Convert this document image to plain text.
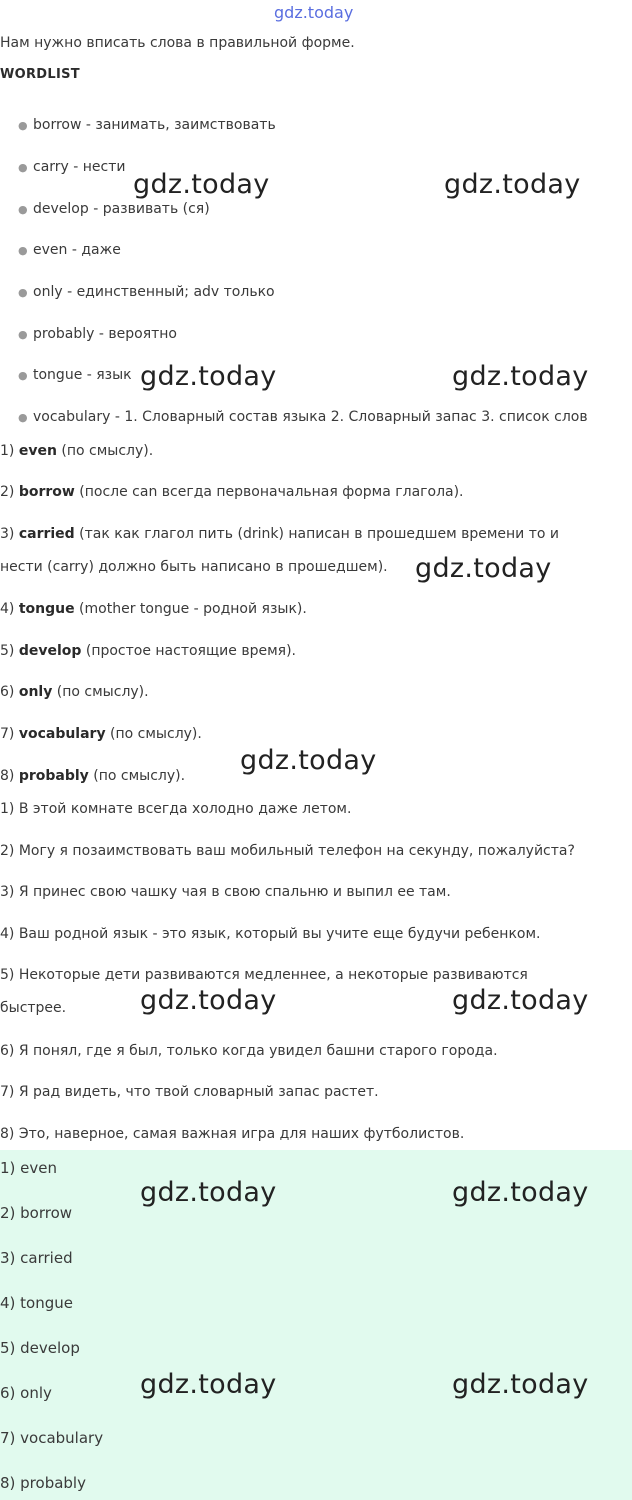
gdz.today
Нам нужно вписать слова в правильной форме.
WORDLIST
● borrow - занимать, заимствовать
● carry - нести
● develop - развивать (ся)
● even - даже
● only - единственный; adv только
● probably - вероятно
● tongue - язык
● vocabulary - 1. Словарный состав языка 2. Словарный запас 3. список слов
1) even (по смыслу).
2) borrow (после can всегда первоначальная форма глагола).
3) carried (так как глагол пить (drink) написан в прошедшем времени то и
нести (carry) должно быть написано в прошедшем).
4) tongue (mother tongue - родной язык).
5) develop (простое настоящие время).
6) only (по смыслу).
7) vocabulary (по смыслу).
8) probably (по смыслу).
1) В этой комнате всегда холодно даже летом.
2) Могу я позаимствовать ваш мобильный телефон на секунду, пожалуйста?
3) Я принес свою чашку чая в свою спальню и выпил ее там.
4) Ваш родной язык - это язык, который вы учите еще будучи ребенком.
5) Некоторые дети развиваются медленнее, а некоторые развиваются
быстрее.
6) Я понял, где я был, только когда увидел башни старого города.
7) Я рад видеть, что твой словарный запас растет.
8) Это, наверное, самая важная игра для наших футболистов.
1) even
2) borrow
3) carried
4) tongue
5) develop
6) only
7) vocabulary
8) probably
gdz.today	gdz.today
gdz.today	gdz.today
gdz.today
gdz.today
gdz.today	gdz.today
gdz.today	gdz.today
gdz.today	gdz.today
